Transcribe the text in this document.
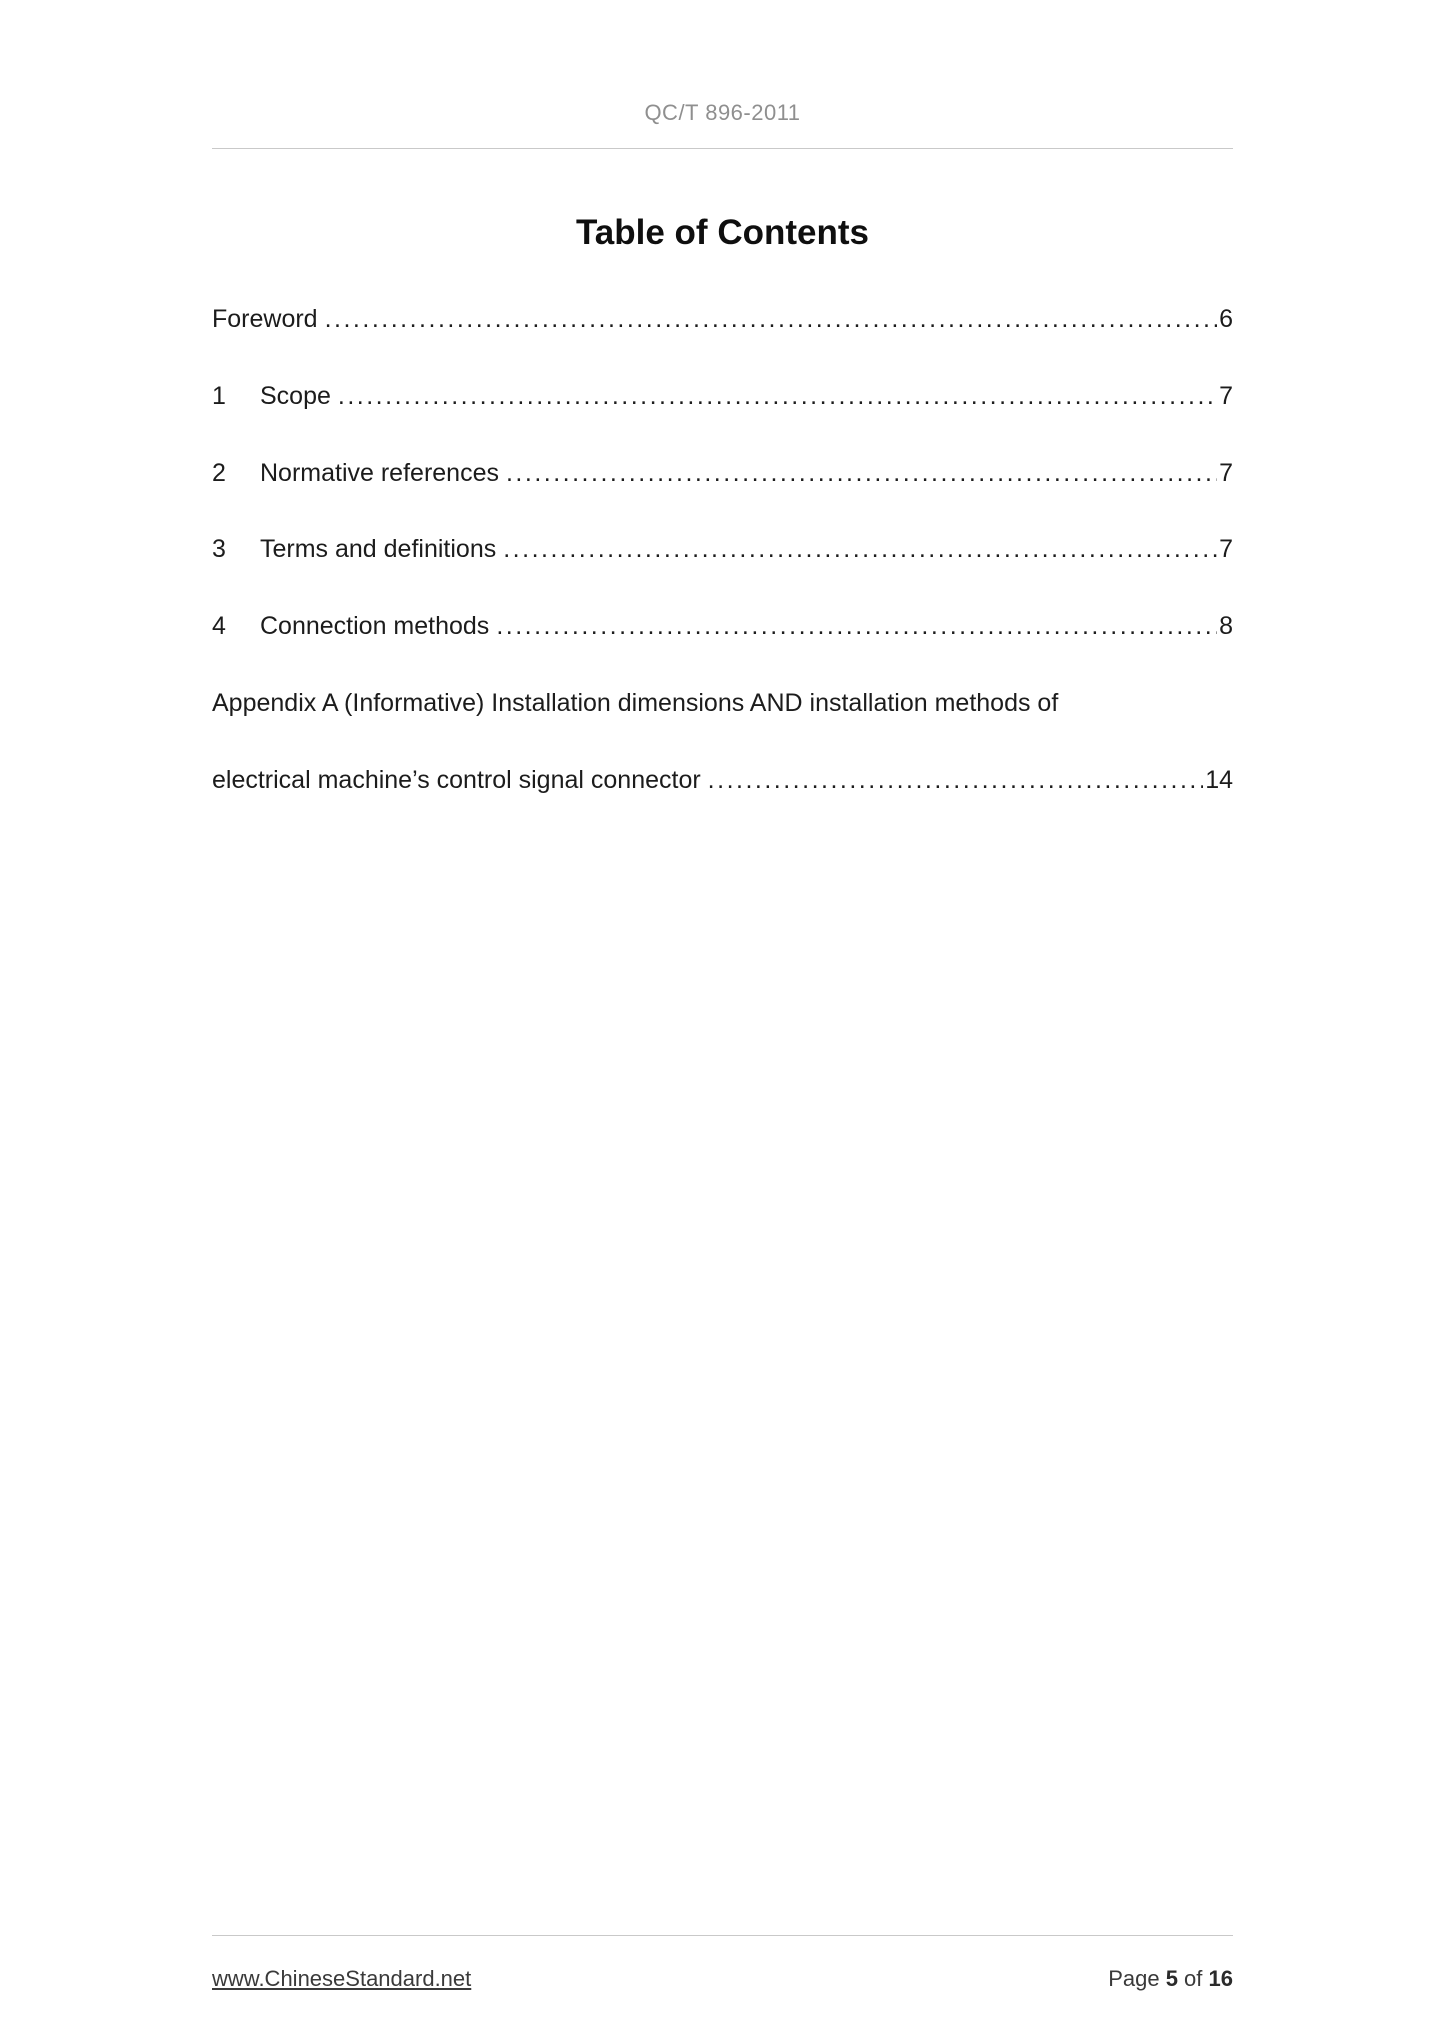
QC/T 896-2011
Table of Contents
Foreword .....	6
1	Scope .....	7
2	Normative references .....	7
3	Terms and definitions .....	7
4	Connection methods .....	8
Appendix A (Informative) Installation dimensions AND installation methods of
electrical machine’s control signal connector .....	14
www.ChineseStandard.net	Page 5 of 16
